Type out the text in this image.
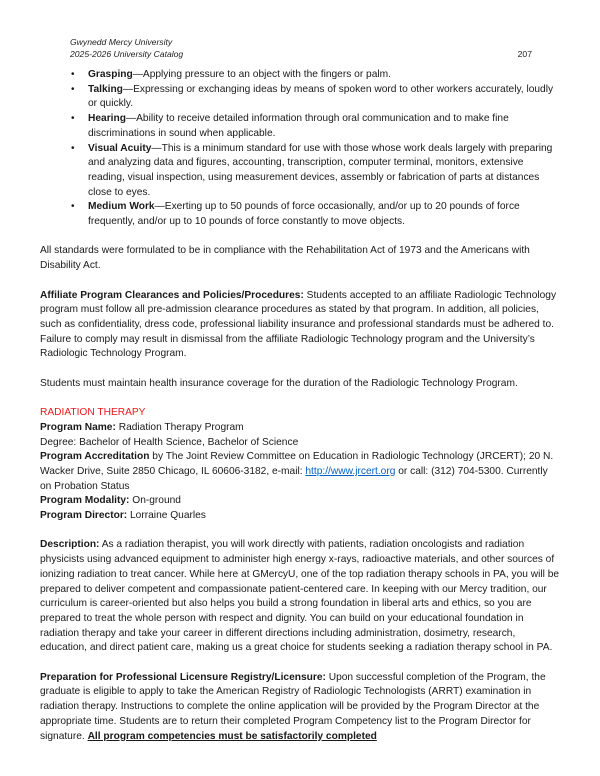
Gwynedd Mercy University
2025-2026 University Catalog	207
• Grasping—Applying pressure to an object with the fingers or palm.
• Talking—Expressing or exchanging ideas by means of spoken word to other workers accurately, loudly or quickly.
• Hearing—Ability to receive detailed information through oral communication and to make fine discriminations in sound when applicable.
• Visual Acuity—This is a minimum standard for use with those whose work deals largely with preparing and analyzing data and figures, accounting, transcription, computer terminal, monitors, extensive reading, visual inspection, using measurement devices, assembly or fabrication of parts at distances close to eyes.
• Medium Work—Exerting up to 50 pounds of force occasionally, and/or up to 20 pounds of force frequently, and/or up to 10 pounds of force constantly to move objects.

All standards were formulated to be in compliance with the Rehabilitation Act of 1973 and the Americans with Disability Act.

Affiliate Program Clearances and Policies/Procedures: Students accepted to an affiliate Radiologic Technology program must follow all pre-admission clearance procedures as stated by that program. In addition, all policies, such as confidentiality, dress code, professional liability insurance and professional standards must be adhered to. Failure to comply may result in dismissal from the affiliate Radiologic Technology program and the University’s Radiologic Technology Program.

Students must maintain health insurance coverage for the duration of the Radiologic Technology Program.

RADIATION THERAPY

Program Name: Radiation Therapy Program

Degree: Bachelor of Health Science, Bachelor of Science

Program Accreditation by The Joint Review Committee on Education in Radiologic Technology (JRCERT); 20 N. Wacker Drive, Suite 2850 Chicago, IL 60606-3182, e-mail: http://www.jrcert.org or call: (312) 704-5300. Currently on Probation Status

Program Modality: On-ground

Program Director: Lorraine Quarles

Description: As a radiation therapist, you will work directly with patients, radiation oncologists and radiation physicists using advanced equipment to administer high energy x-rays, radioactive materials, and other sources of ionizing radiation to treat cancer. While here at GMercyU, one of the top radiation therapy schools in PA, you will be prepared to deliver competent and compassionate patient-centered care. In keeping with our Mercy tradition, our curriculum is career-oriented but also helps you build a strong foundation in liberal arts and ethics, so you are prepared to treat the whole person with respect and dignity. You can build on your educational foundation in radiation therapy and take your career in different directions including administration, dosimetry, research, education, and direct patient care, making us a great choice for students seeking a radiation therapy school in PA.

Preparation for Professional Licensure Registry/Licensure: Upon successful completion of the Program, the graduate is eligible to apply to take the American Registry of Radiologic Technologists (ARRT) examination in radiation therapy. Instructions to complete the online application will be provided by the Program Director at the appropriate time. Students are to return their completed Program Competency list to the Program Director for signature. All program competencies must be satisfactorily completed
